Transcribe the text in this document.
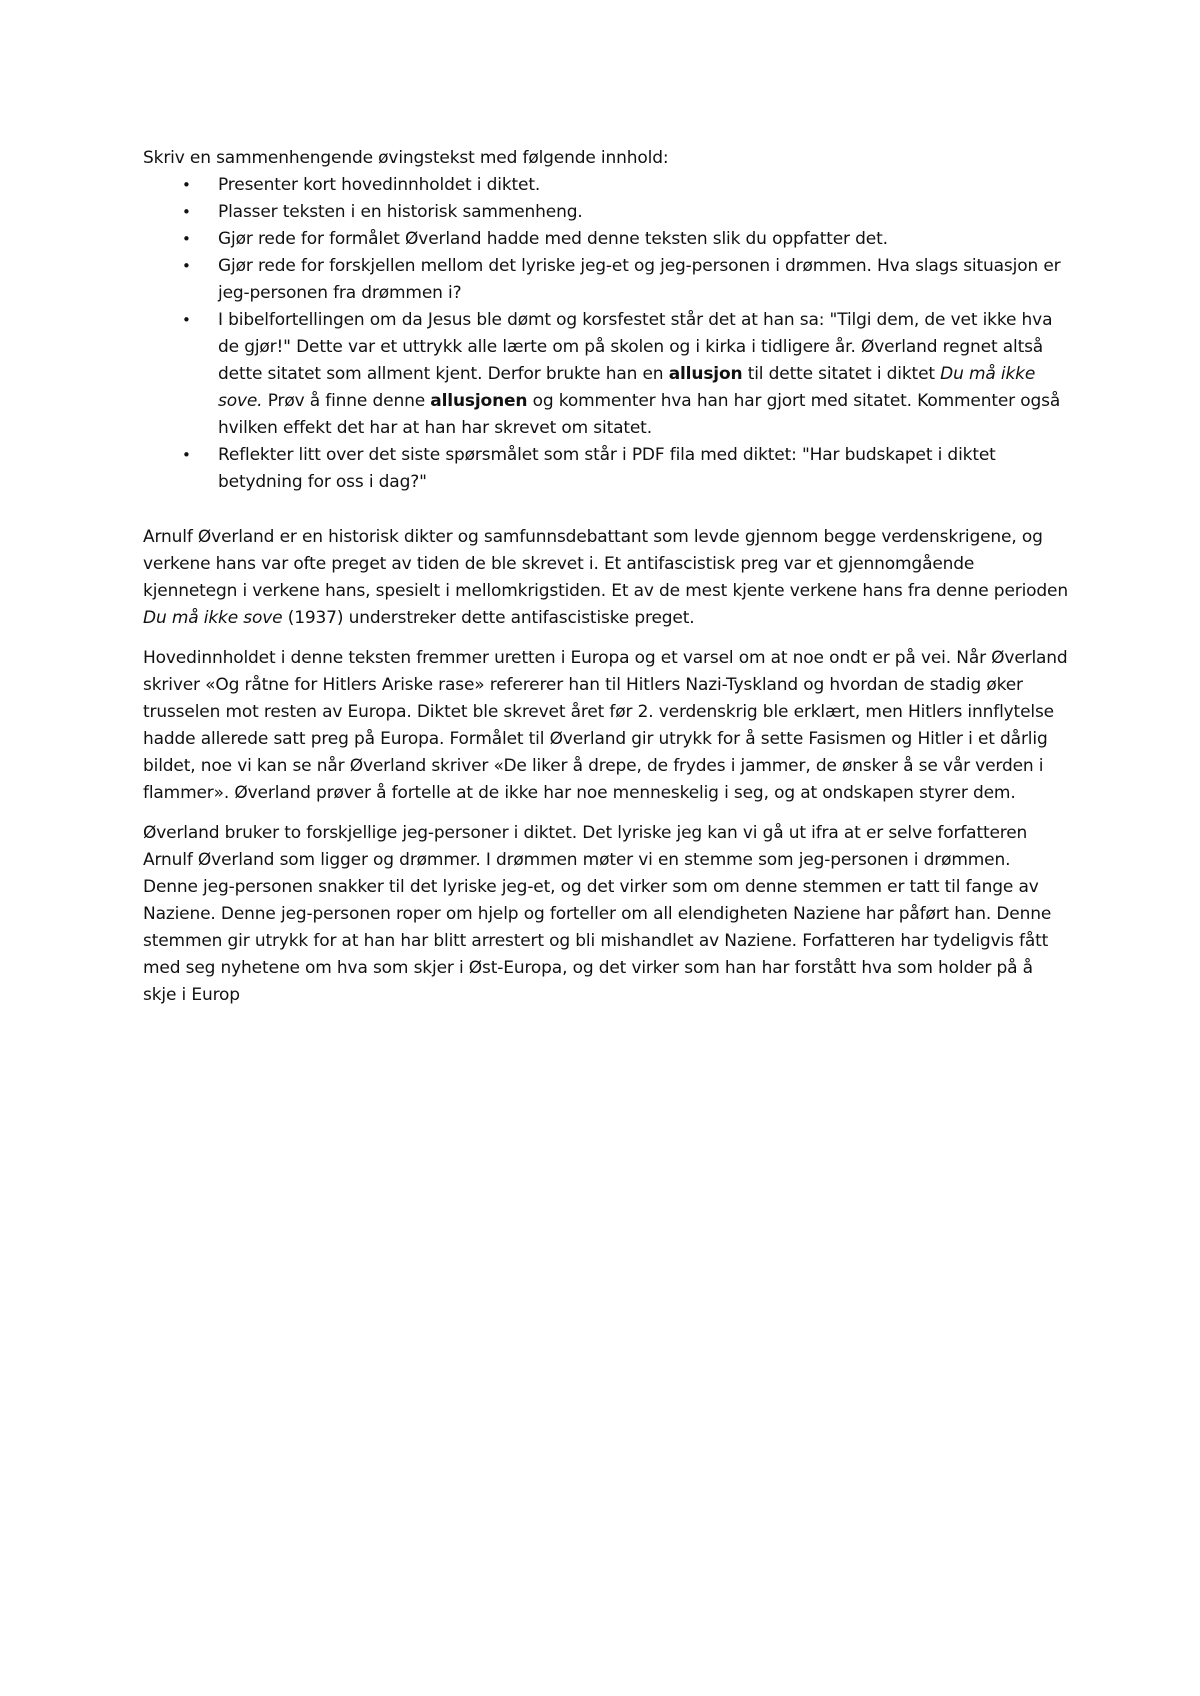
Skriv en sammenhengende øvingstekst med følgende innhold:

• Presenter kort hovedinnholdet i diktet.
• Plasser teksten i en historisk sammenheng.
• Gjør rede for formålet Øverland hadde med denne teksten slik du oppfatter det.
• Gjør rede for forskjellen mellom det lyriske jeg-et og jeg-personen i drømmen. Hva slags situasjon er jeg-personen fra drømmen i?
• I bibelfortellingen om da Jesus ble dømt og korsfestet står det at han sa: "Tilgi dem, de vet ikke hva de gjør!" Dette var et uttrykk alle lærte om på skolen og i kirka i tidligere år. Øverland regnet altså dette sitatet som allment kjent. Derfor brukte han en allusjon til dette sitatet i diktet Du må ikke sove. Prøv å finne denne allusjonen og kommenter hva han har gjort med sitatet. Kommenter også hvilken effekt det har at han har skrevet om sitatet.
• Reflekter litt over det siste spørsmålet som står i PDF fila med diktet: "Har budskapet i diktet betydning for oss i dag?"

Arnulf Øverland er en historisk dikter og samfunnsdebattant som levde gjennom begge verdenskrigene, og verkene hans var ofte preget av tiden de ble skrevet i. Et antifascistisk preg var et gjennomgående kjennetegn i verkene hans, spesielt i mellomkrigstiden. Et av de mest kjente verkene hans fra denne perioden Du må ikke sove (1937) understreker dette antifascistiske preget.

Hovedinnholdet i denne teksten fremmer uretten i Europa og et varsel om at noe ondt er på vei. Når Øverland skriver «Og råtne for Hitlers Ariske rase» refererer han til Hitlers Nazi-Tyskland og hvordan de stadig øker trusselen mot resten av Europa. Diktet ble skrevet året før 2. verdenskrig ble erklært, men Hitlers innflytelse hadde allerede satt preg på Europa. Formålet til Øverland gir utrykk for å sette Fasismen og Hitler i et dårlig bildet, noe vi kan se når Øverland skriver «De liker å drepe, de frydes i jammer, de ønsker å se vår verden i flammer». Øverland prøver å fortelle at de ikke har noe menneskelig i seg, og at ondskapen styrer dem.

Øverland bruker to forskjellige jeg-personer i diktet. Det lyriske jeg kan vi gå ut ifra at er selve forfatteren Arnulf Øverland som ligger og drømmer. I drømmen møter vi en stemme som jeg-personen i drømmen. Denne jeg-personen snakker til det lyriske jeg-et, og det virker som om denne stemmen er tatt til fange av Naziene. Denne jeg-personen roper om hjelp og forteller om all elendigheten Naziene har påført han. Denne stemmen gir utrykk for at han har blitt arrestert og bli mishandlet av Naziene. Forfatteren har tydeligvis fått med seg nyhetene om hva som skjer i Øst-Europa, og det virker som han har forstått hva som holder på å skje i Europ
